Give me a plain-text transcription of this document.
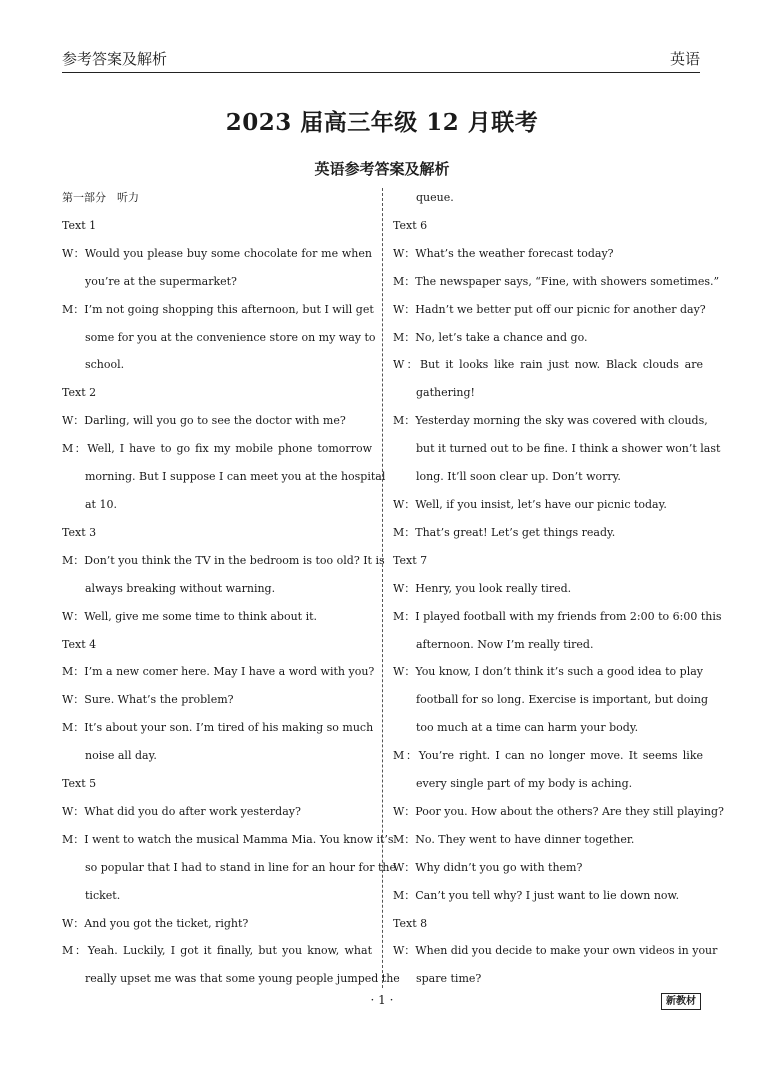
参考答案及解析	英语
2023 届高三年级 12 月联考
英语参考答案及解析
第一部分　听力
Text 1
W：Would you please buy some chocolate for me when
you’re at the supermarket?
M：I’m not going shopping this afternoon, but I will get
some for you at the convenience store on my way to
school.
Text 2
W：Darling, will you go to see the doctor with me?
M：Well, I have to go fix my mobile phone tomorrow
morning. But I suppose I can meet you at the hospital
at 10.
Text 3
M：Don’t you think the TV in the bedroom is too old? It is
always breaking without warning.
W：Well, give me some time to think about it.
Text 4
M：I’m a new comer here. May I have a word with you?
W：Sure. What’s the problem?
M：It’s about your son. I’m tired of his making so much
noise all day.
Text 5
W：What did you do after work yesterday?
M：I went to watch the musical Mamma Mia. You know it’s
so popular that I had to stand in line for an hour for the
ticket.
W：And you got the ticket, right?
M：Yeah. Luckily, I got it finally, but you know, what
really upset me was that some young people jumped the
queue.
Text 6
W：What’s the weather forecast today?
M：The newspaper says, “Fine, with showers sometimes.”
W：Hadn’t we better put off our picnic for another day?
M：No, let’s take a chance and go.
W：But it looks like rain just now. Black clouds are
gathering!
M：Yesterday morning the sky was covered with clouds,
but it turned out to be fine. I think a shower won’t last
long. It’ll soon clear up. Don’t worry.
W：Well, if you insist, let’s have our picnic today.
M：That’s great! Let’s get things ready.
Text 7
W：Henry, you look really tired.
M：I played football with my friends from 2:00 to 6:00 this
afternoon. Now I’m really tired.
W：You know, I don’t think it’s such a good idea to play
football for so long. Exercise is important, but doing
too much at a time can harm your body.
M：You’re right. I can no longer move. It seems like
every single part of my body is aching.
W：Poor you. How about the others? Are they still playing?
M：No. They went to have dinner together.
W：Why didn’t you go with them?
M：Can’t you tell why? I just want to lie down now.
Text 8
W：When did you decide to make your own videos in your
spare time?
· 1 ·	新教材
